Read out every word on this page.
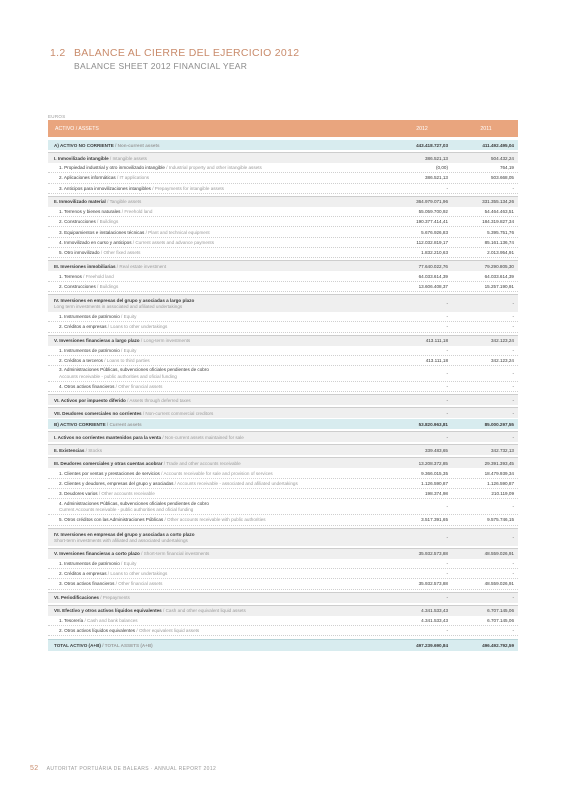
1.2 BALANCE AL CIERRE DEL EJERCICIO 2012
BALANCE SHEET 2012 FINANCIAL YEAR
EUROS
ACTIVO / ASSETS	2012	2011
A) ACTIVO NO CORRIENTE / Non-current assets	443.418.727,03	411.492.495,04
I. Inmovilizado intangible / Intangible assets	386.521,13	504.432,24
1. Propiedad industrial y otro inmovilizado intangible / Industrial property and other intangible assets	(0,00)	764,19
2. Aplicaciones informáticas / IT applications	386.521,13	503.668,05
3. Anticipos para inmovilizaciones intangibles / Prepayments for intangible assets	-	-
II. Inmovilizado material / Tangible assets	364.979.071,96	331.355.134,26
1. Terrenos y bienes naturales / Freehold land	55.059.700,92	54.464.463,51
2. Construcciones / Buildings	190.377.414,41	184.319.827,34
3. Equipamientos e instalaciones técnicas / Plant and technical equipment	5.676.926,83	5.395.751,76
4. Inmovilizado en curso y anticipos / Current assets and advance payments	112.032.819,17	85.161.136,74
5. Otro inmovilizado / Other fixed assets	1.832.210,63	2.013.954,91
III. Inversiones inmobiliarias / Real estate investment	77.640.022,76	79.290.805,30
1. Terrenos / Freehold land	64.033.614,39	64.033.614,39
2. Construcciones / Buildings	13.606.408,37	15.257.190,91
IV. Inversiones en empresas del grupo y asociadas a largo plazo
Long term investments in associated and afiliated undertakings
-	-
1. Instrumentos de patrimonio / Equity	-	-
2. Créditos a empresas / Loans to other undertakings	-	-
V. Inversiones financieras a largo plazo / Long-term investments	413.111,18	342.123,24
1. Instrumentos de patrimonio / Equity	-	-
2. Créditos a terceros / Loans to third parties	413.111,18	342.123,24
3. Administraciones Públicas, subvenciones oficiales pendientes de cobro
Accounts receivable - public authorities and oficial funding
-	-
4. Otros activos financieros / Other financial assets	-	-
VI. Activos por impuesto diferido / Assets through deferred taxes	-	-
VII. Deudores comerciales no corrientes / Non-current commercial creditors	-	-
B) ACTIVO CORRIENTE / Current assets	53.820.963,81	85.000.297,55
I. Activos no corrientes mantenidos para la venta / Non-current assets maintained for sale	-	-
II. Existencias / Stocks	339.483,65	342.732,13
III. Deudores comerciales y otras cuentas acobrar / Trade and other accounts receivable	13.208.372,85	29.391.393,45
1. Clientes por ventas y prestaciones de servicios / Accounts receivable for sale and provision of services	9.366.015,35	18.479.939,34
2. Clientes y deudores, empresas del grupo y asociadas / Accounts receivable - associated and afiliated undertakings	1.126.590,87	1.126.590,87
3. Deudores varios / Other accounts receivable	198.374,98	210.119,09
4. Administraciones Públicas, subvenciones oficiales pendientes de cobro
Current Accounts receivable - public authorities and oficial funding
-	-
5. Otros créditos con las Administraciones Públicas / Other accounts receivable with public authorities	3.517.391,65	9.575.746,15
IV. Inversiones en empresas del grupo y asociadas a corto plazo
Short-term investments with afiliated and associated undertakings
-	-
V. Inversiones financieras a corto plazo / Short-term financial investments	35.932.573,88	48.559.026,91
1. Instrumentos de patrimonio / Equity	-	-
2. Créditos a empresas / Loans to other undertakings	-	-
3. Otros activos financieros / Other financial assets	35.932.573,88	48.559.026,91
VI. Periodificaciones / Prepayments	-	-
VII. Efectivo y otros activos líquidos equivalentes / Cash and other equivalent liquid assets	4.341.533,43	6.707.145,06
1. Tesorería / Cash and bank balances	4.341.533,43	6.707.145,06
2. Otros activos líquidos equivalentes / Other equivalent liquid assets	-	-
TOTAL ACTIVO (A+B) / TOTAL ASSETS (A+B)	497.239.690,84	496.492.792,59
52 AUTORITAT PORTUÀRIA DE BALEARS · ANNUAL REPORT 2012
